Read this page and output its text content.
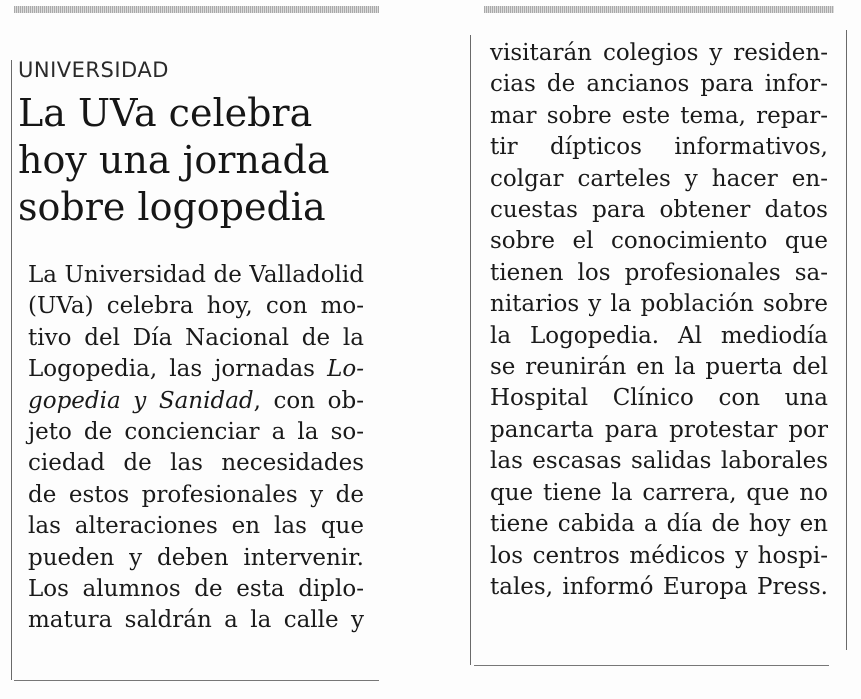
UNIVERSIDAD
La UVa celebra
hoy una jornada
sobre logopedia
La Universidad de Valladolid
(UVa) celebra hoy, con mo-
tivo del Día Nacional de la
Logopedia, las jornadas Lo-
gopedia y Sanidad, con ob-
jeto de concienciar a la so-
ciedad de las necesidades
de estos profesionales y de
las alteraciones en las que
pueden y deben intervenir.
Los alumnos de esta diplo-
matura saldrán a la calle y
visitarán colegios y residen-
cias de ancianos para infor-
mar sobre este tema, repar-
tir dípticos informativos,
colgar carteles y hacer en-
cuestas para obtener datos
sobre el conocimiento que
tienen los profesionales sa-
nitarios y la población sobre
la Logopedia. Al mediodía
se reunirán en la puerta del
Hospital Clínico con una
pancarta para protestar por
las escasas salidas laborales
que tiene la carrera, que no
tiene cabida a día de hoy en
los centros médicos y hospi-
tales, informó Europa Press.
